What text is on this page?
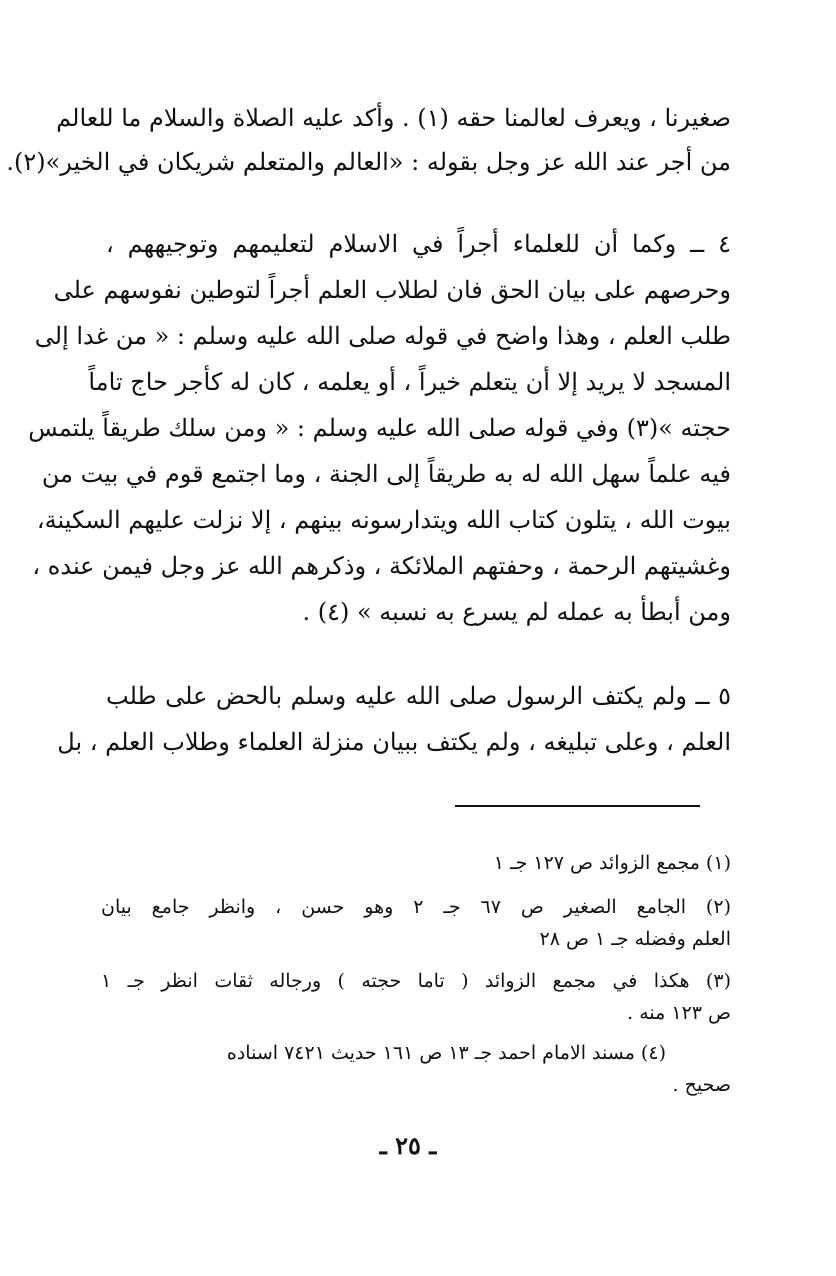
صغيرنا ، ويعرف لعالمنا حقه (١) . وأكد عليه الصلاة والسلام ما للعالم
من أجر عند الله عز وجل بقوله : «العالم والمتعلم شريكان في الخير»(٢).
٤ ــ وكما أن للعلماء أجراً في الاسلام لتعليمهم وتوجيههم ،
وحرصهم على بيان الحق فان لطلاب العلم أجراً لتوطين نفوسهم على
طلب العلم ، وهذا واضح في قوله صلى الله عليه وسلم : « من غدا إلى
المسجد لا يريد إلا أن يتعلم خيراً ، أو يعلمه ، كان له كأجر حاج تاماً
حجته »(٣) وفي قوله صلى الله عليه وسلم : « ومن سلك طريقاً يلتمس
فيه علماً سهل الله له به طريقاً إلى الجنة ، وما اجتمع قوم في بيت من
بيوت الله ، يتلون كتاب الله ويتدارسونه بينهم ، إلا نزلت عليهم السكينة،
وغشيتهم الرحمة ، وحفتهم الملائكة ، وذكرهم الله عز وجل فيمن عنده ،
ومن أبطأ به عمله لم يسرع به نسبه » (٤) .
٥ ــ ولم يكتف الرسول صلى الله عليه وسلم بالحض على طلب
العلم ، وعلى تبليغه ، ولم يكتف ببيان منزلة العلماء وطلاب العلم ، بل
(١) مجمع الزوائد ص ١٢٧ جـ ١
(٢) الجامع الصغير ص ٦٧ جـ ٢ وهو حسن ، وانظر جامع بيان
العلم وفضله جـ ١ ص ٢٨
(٣) هكذا في مجمع الزوائد ( تاما حجته ) ورجاله ثقات انظر جـ ١
ص ١٢٣ منه .
(٤) مسند الامام احمد جـ ١٣ ص ١٦١ حديث ٧٤٢١ اسناده
صحيح .
ـ ٢٥ ـ
